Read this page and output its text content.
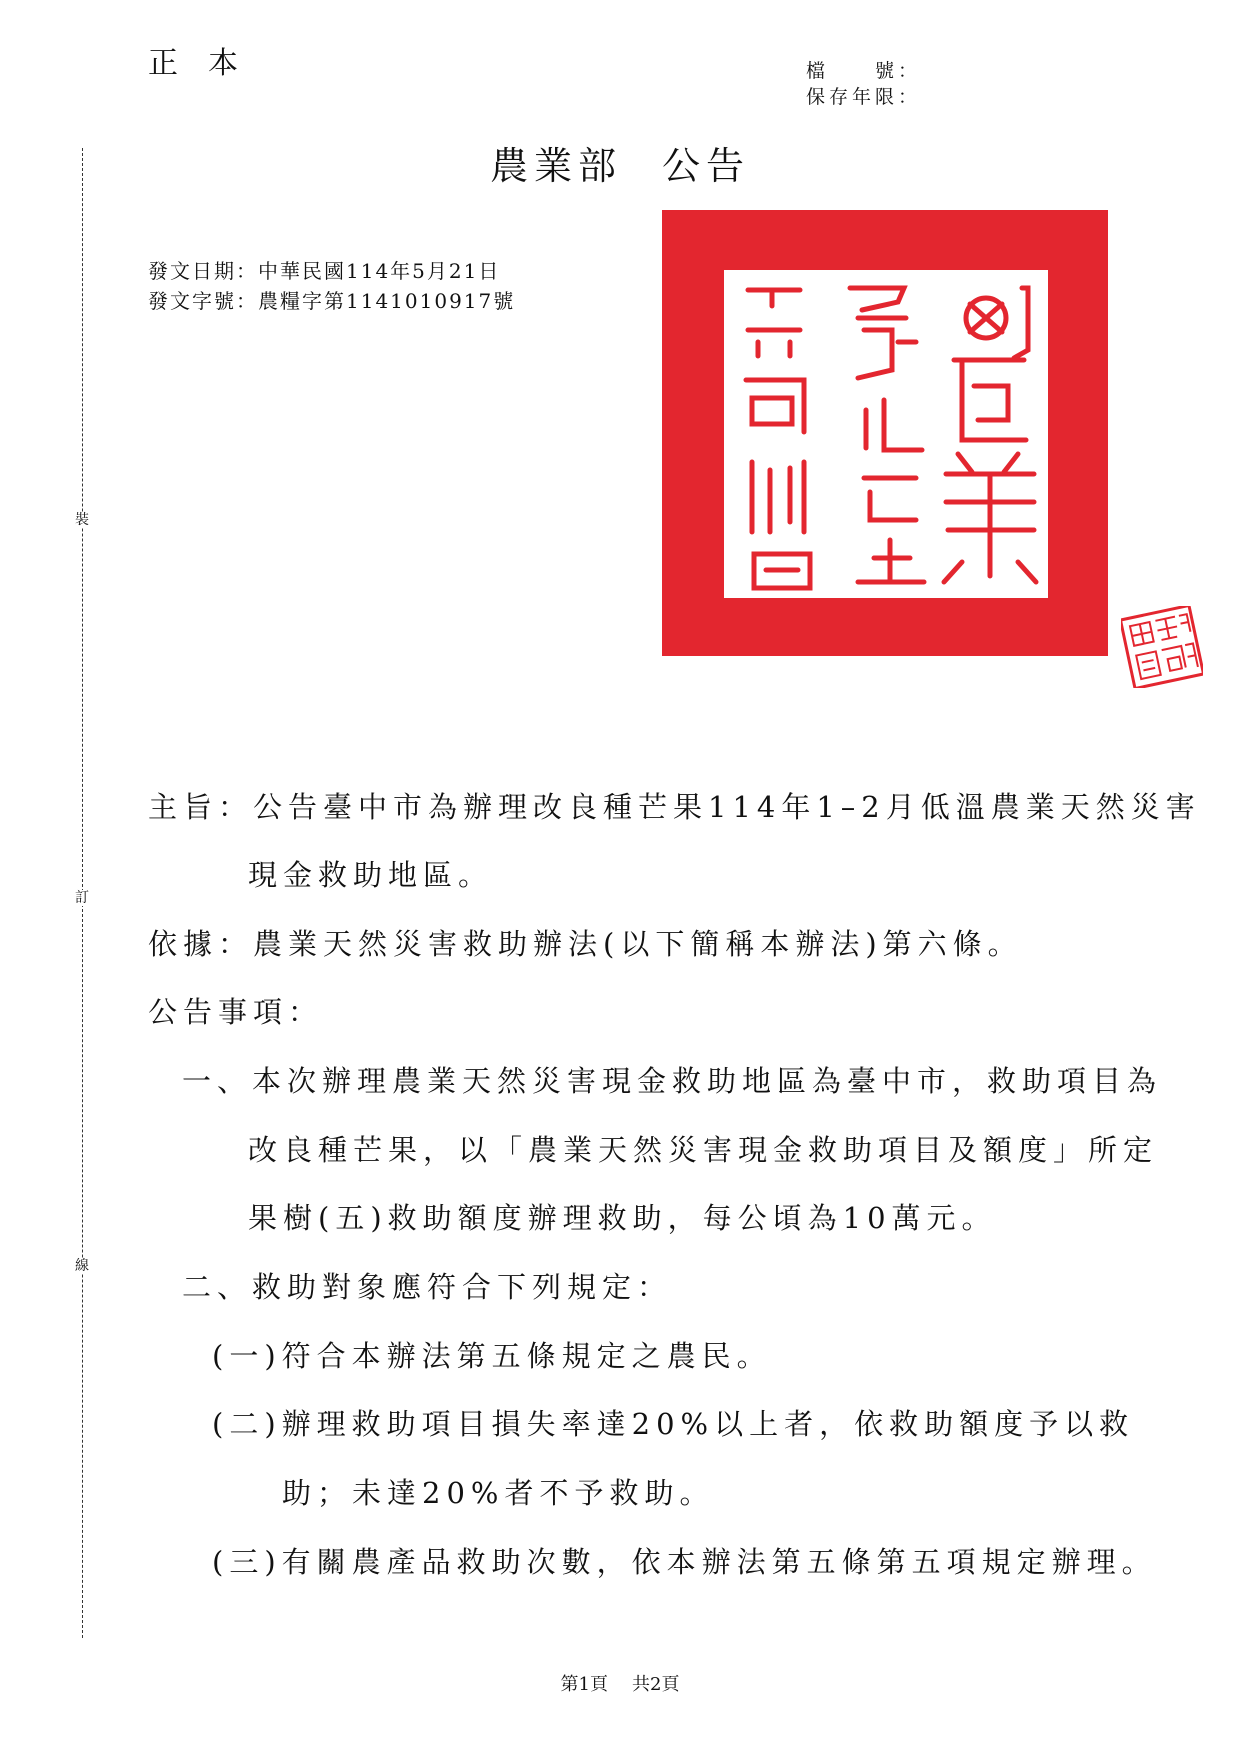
正本	檔　　號：
保存年限：
農業部 公告
發文日期：中華民國114年5月21日
發文字號：農糧字第1141010917號
裝
訂
線
主旨：公告臺中市為辦理改良種芒果114年1–2月低溫農業天然災害
現金救助地區。
依據：農業天然災害救助辦法(以下簡稱本辦法)第六條。
公告事項：
一、本次辦理農業天然災害現金救助地區為臺中市，救助項目為
改良種芒果，以「農業天然災害現金救助項目及額度」所定
果樹(五)救助額度辦理救助，每公頃為10萬元。
二、救助對象應符合下列規定：
(一)符合本辦法第五條規定之農民。
(二)辦理救助項目損失率達20%以上者，依救助額度予以救
助；未達20%者不予救助。
(三)有關農產品救助次數，依本辦法第五條第五項規定辦理。
第1頁 共2頁
